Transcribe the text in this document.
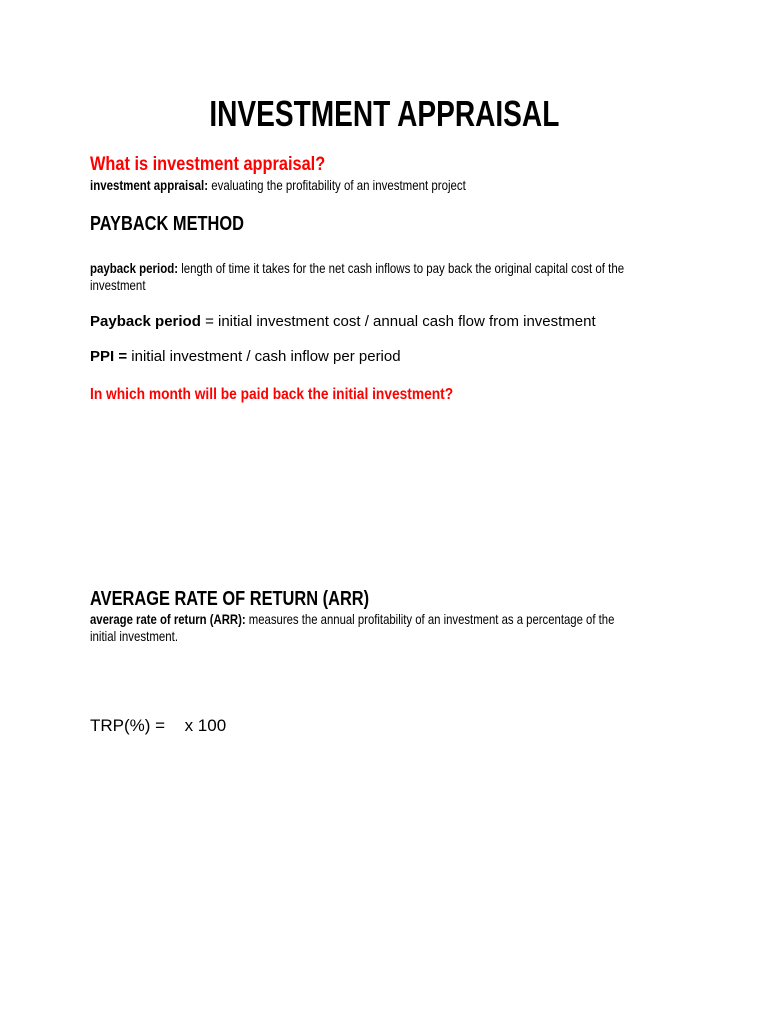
INVESTMENT APPRAISAL
What is investment appraisal?
investment appraisal: evaluating the profitability of an investment project
PAYBACK METHOD
payback period: length of time it takes for the net cash inflows to pay back the original capital cost of the
investment
Payback period = initial investment cost / annual cash flow from investment
PPI = initial investment / cash inflow per period
In which month will be paid back the initial investment?
AVERAGE RATE OF RETURN (ARR)
average rate of return (ARR): measures the annual profitability of an investment as a percentage of the
initial investment.
TRP(%) = x 100
